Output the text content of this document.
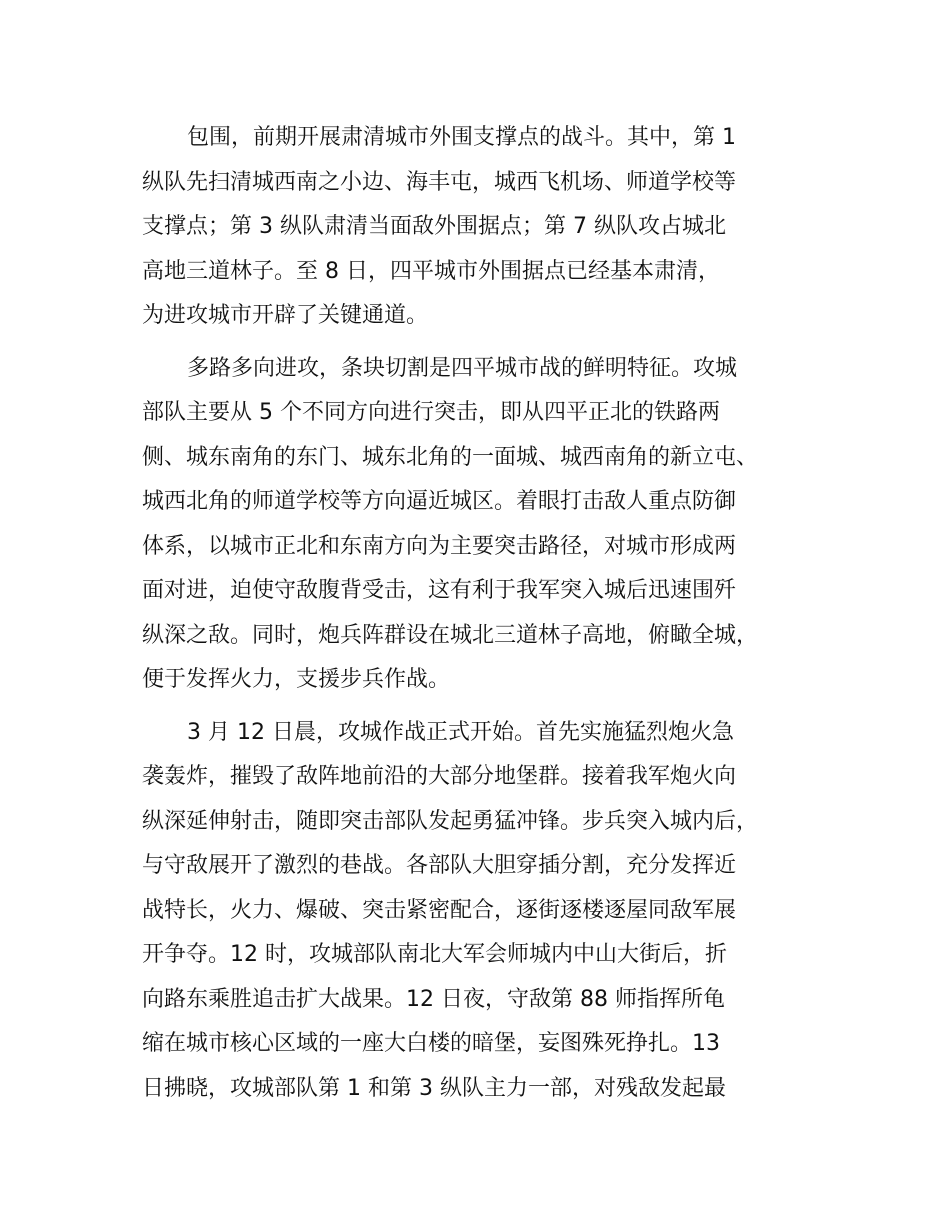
包围，前期开展肃清城市外围支撑点的战斗。其中，第 1
纵队先扫清城西南之小边、海丰屯，城西飞机场、师道学校等
支撑点；第 3 纵队肃清当面敌外围据点；第 7 纵队攻占城北
高地三道林子。至 8 日，四平城市外围据点已经基本肃清，
为进攻城市开辟了关键通道。

多路多向进攻，条块切割是四平城市战的鲜明特征。攻城
部队主要从 5 个不同方向进行突击，即从四平正北的铁路两
侧、城东南角的东门、城东北角的一面城、城西南角的新立屯、
城西北角的师道学校等方向逼近城区。着眼打击敌人重点防御
体系，以城市正北和东南方向为主要突击路径，对城市形成两
面对进，迫使守敌腹背受击，这有利于我军突入城后迅速围歼
纵深之敌。同时，炮兵阵群设在城北三道林子高地，俯瞰全城，
便于发挥火力，支援步兵作战。

3 月 12 日晨，攻城作战正式开始。首先实施猛烈炮火急
袭轰炸，摧毁了敌阵地前沿的大部分地堡群。接着我军炮火向
纵深延伸射击，随即突击部队发起勇猛冲锋。步兵突入城内后，
与守敌展开了激烈的巷战。各部队大胆穿插分割，充分发挥近
战特长，火力、爆破、突击紧密配合，逐街逐楼逐屋同敌军展
开争夺。12 时，攻城部队南北大军会师城内中山大街后，折
向路东乘胜追击扩大战果。12 日夜，守敌第 88 师指挥所龟
缩在城市核心区域的一座大白楼的暗堡，妄图殊死挣扎。13
日拂晓，攻城部队第 1 和第 3 纵队主力一部，对残敌发起最
